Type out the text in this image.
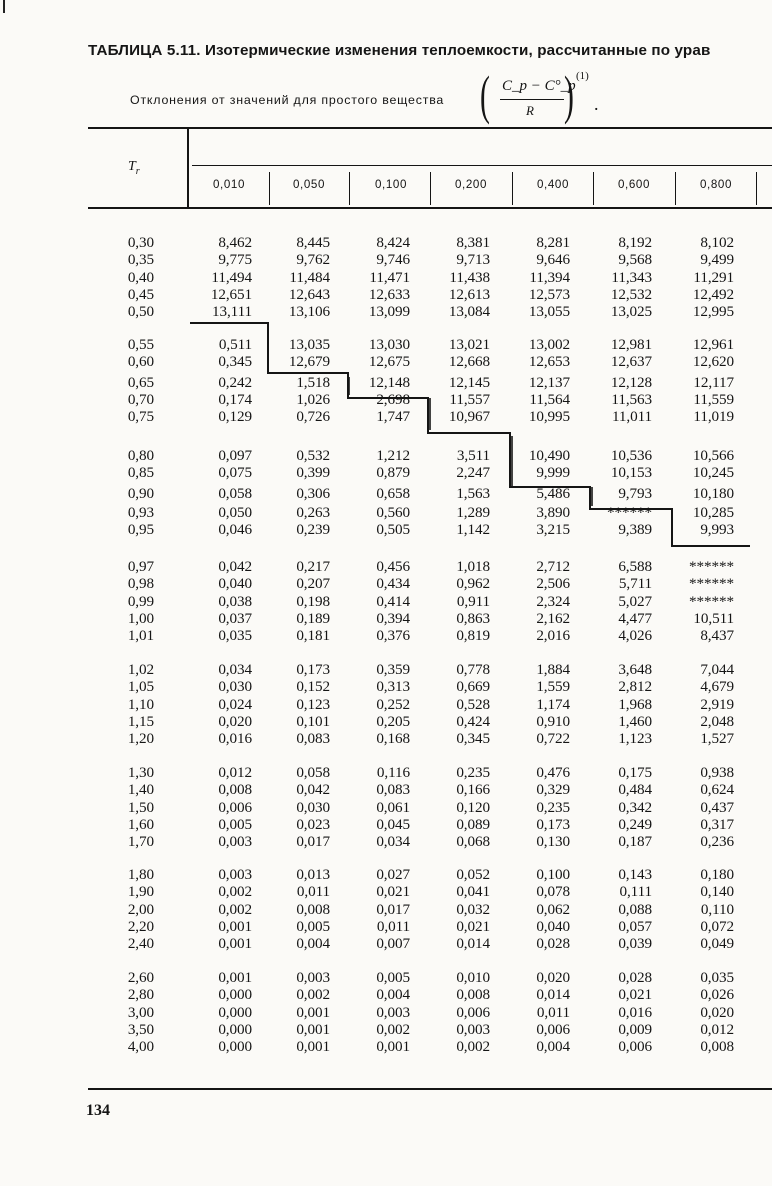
ТАБЛИЦА 5.11. Изотермические изменения теплоемкости, рассчитанные по урав
Отклонения от значений для простого вещества ( C_p − C°_p
R ) (1)
.
$T_r$
0,010	0,050	0,100	0,200	0,400	0,600	0,800
0,30	8,462	8,445	8,424	8,381	8,281	8,192	8,102
0,35	9,775	9,762	9,746	9,713	9,646	9,568	9,499
0,40	11,494	11,484	11,471	11,438	11,394	11,343	11,291
0,45	12,651	12,643	12,633	12,613	12,573	12,532	12,492
0,50	13,111	13,106	13,099	13,084	13,055	13,025	12,995
0,55	0,511	13,035	13,030	13,021	13,002	12,981	12,961
0,60	0,345	12,679	12,675	12,668	12,653	12,637	12,620
0,65	0,242	1,518	12,148	12,145	12,137	12,128	12,117
0,70	0,174	1,026	2,698	11,557	11,564	11,563	11,559
0,75	0,129	0,726	1,747	10,967	10,995	11,011	11,019
0,80	0,097	0,532	1,212	3,511	10,490	10,536	10,566
0,85	0,075	0,399	0,879	2,247	9,999	10,153	10,245
0,90	0,058	0,306	0,658	1,563	5,486	9,793	10,180
0,93	0,050	0,263	0,560	1,289	3,890	******	10,285
0,95	0,046	0,239	0,505	1,142	3,215	9,389	9,993
0,97	0,042	0,217	0,456	1,018	2,712	6,588	******
0,98	0,040	0,207	0,434	0,962	2,506	5,711	******
0,99	0,038	0,198	0,414	0,911	2,324	5,027	******
1,00	0,037	0,189	0,394	0,863	2,162	4,477	10,511
1,01	0,035	0,181	0,376	0,819	2,016	4,026	8,437
1,02	0,034	0,173	0,359	0,778	1,884	3,648	7,044
1,05	0,030	0,152	0,313	0,669	1,559	2,812	4,679
1,10	0,024	0,123	0,252	0,528	1,174	1,968	2,919
1,15	0,020	0,101	0,205	0,424	0,910	1,460	2,048
1,20	0,016	0,083	0,168	0,345	0,722	1,123	1,527
1,30	0,012	0,058	0,116	0,235	0,476	0,175	0,938
1,40	0,008	0,042	0,083	0,166	0,329	0,484	0,624
1,50	0,006	0,030	0,061	0,120	0,235	0,342	0,437
1,60	0,005	0,023	0,045	0,089	0,173	0,249	0,317
1,70	0,003	0,017	0,034	0,068	0,130	0,187	0,236
1,80	0,003	0,013	0,027	0,052	0,100	0,143	0,180
1,90	0,002	0,011	0,021	0,041	0,078	0,111	0,140
2,00	0,002	0,008	0,017	0,032	0,062	0,088	0,110
2,20	0,001	0,005	0,011	0,021	0,040	0,057	0,072
2,40	0,001	0,004	0,007	0,014	0,028	0,039	0,049
2,60	0,001	0,003	0,005	0,010	0,020	0,028	0,035
2,80	0,000	0,002	0,004	0,008	0,014	0,021	0,026
3,00	0,000	0,001	0,003	0,006	0,011	0,016	0,020
3,50	0,000	0,001	0,002	0,003	0,006	0,009	0,012
4,00	0,000	0,001	0,001	0,002	0,004	0,006	0,008
134
